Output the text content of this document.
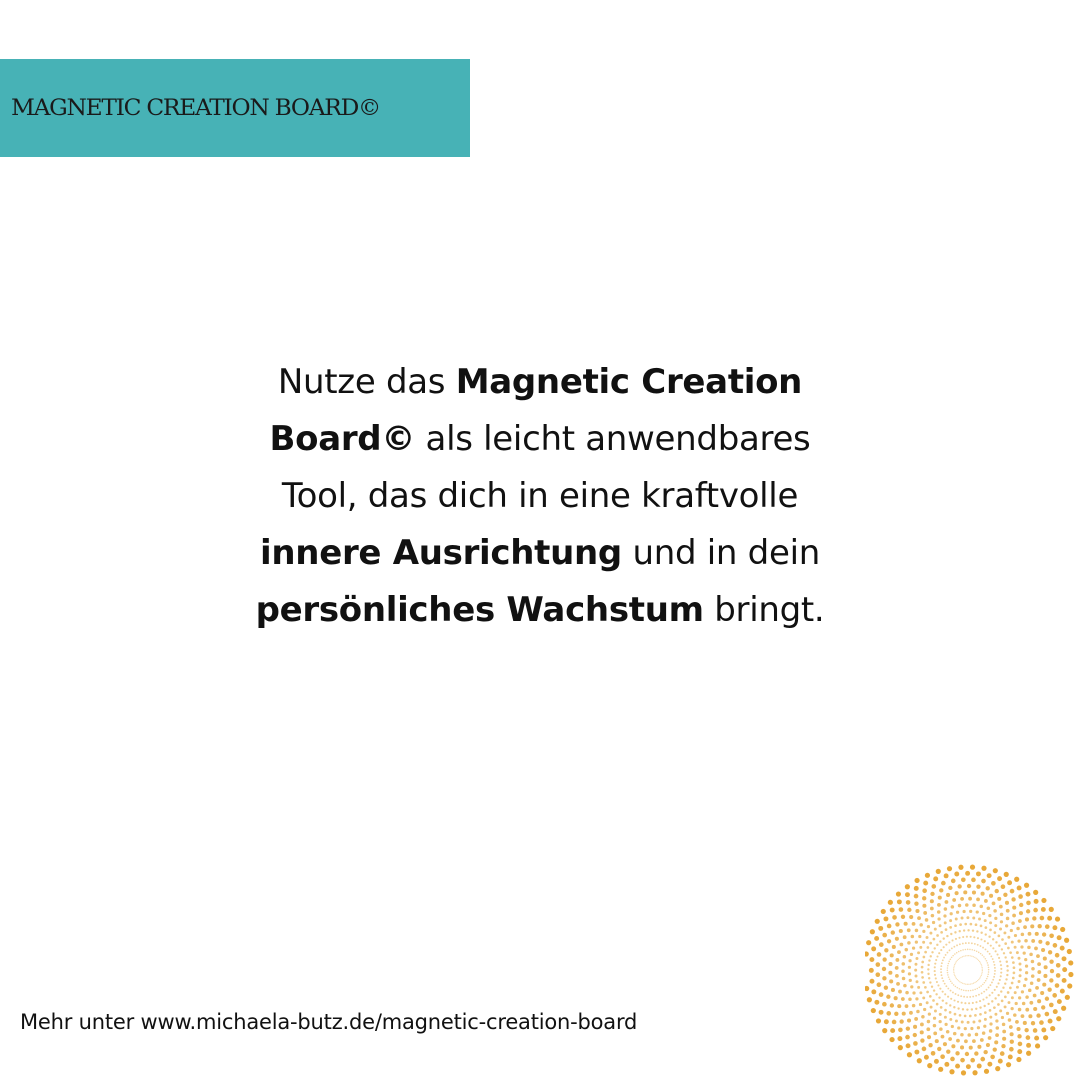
MAGNETIC CREATION BOARD©
Nutze das Magnetic Creation
Board© als leicht anwendbares
Tool, das dich in eine kraftvolle
innere Ausrichtung und in dein
persönliches Wachstum bringt.
Mehr unter www.michaela-butz.de/magnetic-creation-board
